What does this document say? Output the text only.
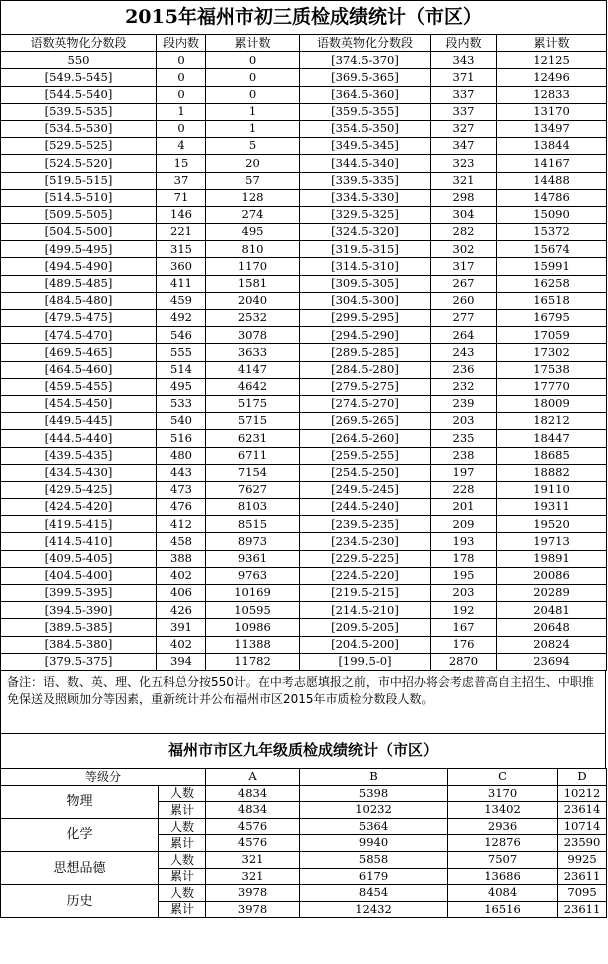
2015年福州市初三质检成绩统计（市区）					
语数英物化分数段	段内数	累计数	语数英物化分数段	段内数	累计数
550	0	0	[374.5-370]	343	12125
[549.5-545]	0	0	[369.5-365]	371	12496
[544.5-540]	0	0	[364.5-360]	337	12833
[539.5-535]	1	1	[359.5-355]	337	13170
[534.5-530]	0	1	[354.5-350]	327	13497
[529.5-525]	4	5	[349.5-345]	347	13844
[524.5-520]	15	20	[344.5-340]	323	14167
[519.5-515]	37	57	[339.5-335]	321	14488
[514.5-510]	71	128	[334.5-330]	298	14786
[509.5-505]	146	274	[329.5-325]	304	15090
[504.5-500]	221	495	[324.5-320]	282	15372
[499.5-495]	315	810	[319.5-315]	302	15674
[494.5-490]	360	1170	[314.5-310]	317	15991
[489.5-485]	411	1581	[309.5-305]	267	16258
[484.5-480]	459	2040	[304.5-300]	260	16518
[479.5-475]	492	2532	[299.5-295]	277	16795
[474.5-470]	546	3078	[294.5-290]	264	17059
[469.5-465]	555	3633	[289.5-285]	243	17302
[464.5-460]	514	4147	[284.5-280]	236	17538
[459.5-455]	495	4642	[279.5-275]	232	17770
[454.5-450]	533	5175	[274.5-270]	239	18009
[449.5-445]	540	5715	[269.5-265]	203	18212
[444.5-440]	516	6231	[264.5-260]	235	18447
[439.5-435]	480	6711	[259.5-255]	238	18685
[434.5-430]	443	7154	[254.5-250]	197	18882
[429.5-425]	473	7627	[249.5-245]	228	19110
[424.5-420]	476	8103	[244.5-240]	201	19311
[419.5-415]	412	8515	[239.5-235]	209	19520
[414.5-410]	458	8973	[234.5-230]	193	19713
[409.5-405]	388	9361	[229.5-225]	178	19891
[404.5-400]	402	9763	[224.5-220]	195	20086
[399.5-395]	406	10169	[219.5-215]	203	20289
[394.5-390]	426	10595	[214.5-210]	192	20481
[389.5-385]	391	10986	[209.5-205]	167	20648
[384.5-380]	402	11388	[204.5-200]	176	20824
[379.5-375]	394	11782	[199.5-0]	2870	23694
备注：语、数、英、理、化五科总分按550计。在中考志愿填报之前，市中招办将会考虑普高自主招生、中职推免保送及照顾加分等因素，重新统计并公布福州市区2015年市质检分数段人数。
福州市市区九年级质检成绩统计（市区）
等级分		A	B	C	D
物理	人数	4834	5398	3170	10212
	累计	4834	10232	13402	23614
化学	人数	4576	5364	2936	10714
	累计	4576	9940	12876	23590
思想品德	人数	321	5858	7507	9925
	累计	321	6179	13686	23611
历史	人数	3978	8454	4084	7095
	累计	3978	12432	16516	23611
